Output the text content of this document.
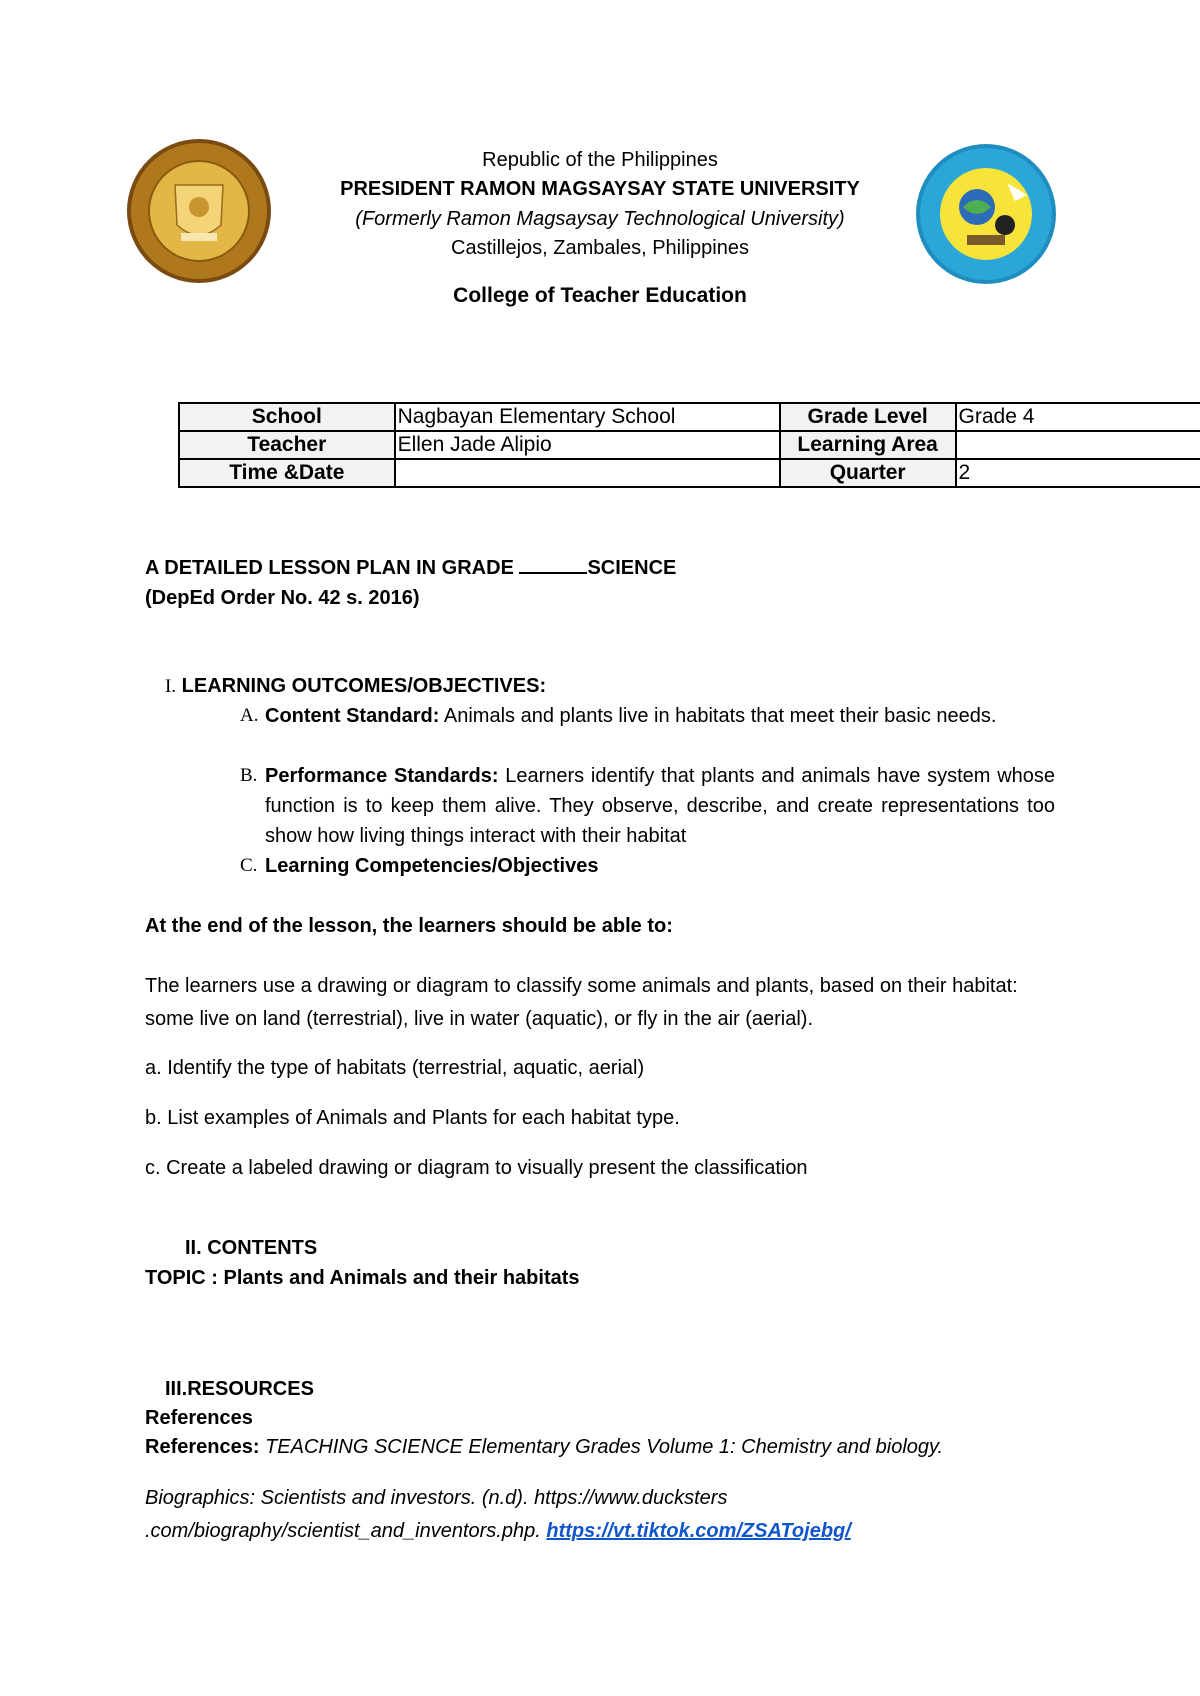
Republic of the Philippines
PRESIDENT RAMON MAGSAYSAY STATE UNIVERSITY
(Formerly Ramon Magsaysay Technological University)
Castillejos, Zambales, Philippines
College of Teacher Education
School	Nagbayan Elementary School	Grade Level	Grade 4
Teacher	Ellen Jade Alipio	Learning Area	
Time &Date		Quarter	2
A DETAILED LESSON PLAN IN GRADE	SCIENCE
(DepEd Order No. 42 s. 2016)
I. LEARNING OUTCOMES/OBJECTIVES:
A. Content Standard: Animals and plants live in habitats that meet their basic needs.
B. Performance Standards: Learners identify that plants and animals have system whose function is to keep them alive. They observe, describe, and create representations too show how living things interact with their habitat
C. Learning Competencies/Objectives
At the end of the lesson, the learners should be able to:
The learners use a drawing or diagram to classify some animals and plants, based on their habitat: some live on land (terrestrial), live in water (aquatic), or fly in the air (aerial).
a. Identify the type of habitats (terrestrial, aquatic, aerial)
b. List examples of Animals and Plants for each habitat type.
c. Create a labeled drawing or diagram to visually present the classification
II. CONTENTS
TOPIC : Plants and Animals and their habitats
III.RESOURCES
References
References: TEACHING SCIENCE Elementary Grades Volume 1: Chemistry and biology.
Biographics: Scientists and investors. (n.d). https://www.ducksters
.com/biography/scientist_and_inventors.php. https://vt.tiktok.com/ZSATojebg/
